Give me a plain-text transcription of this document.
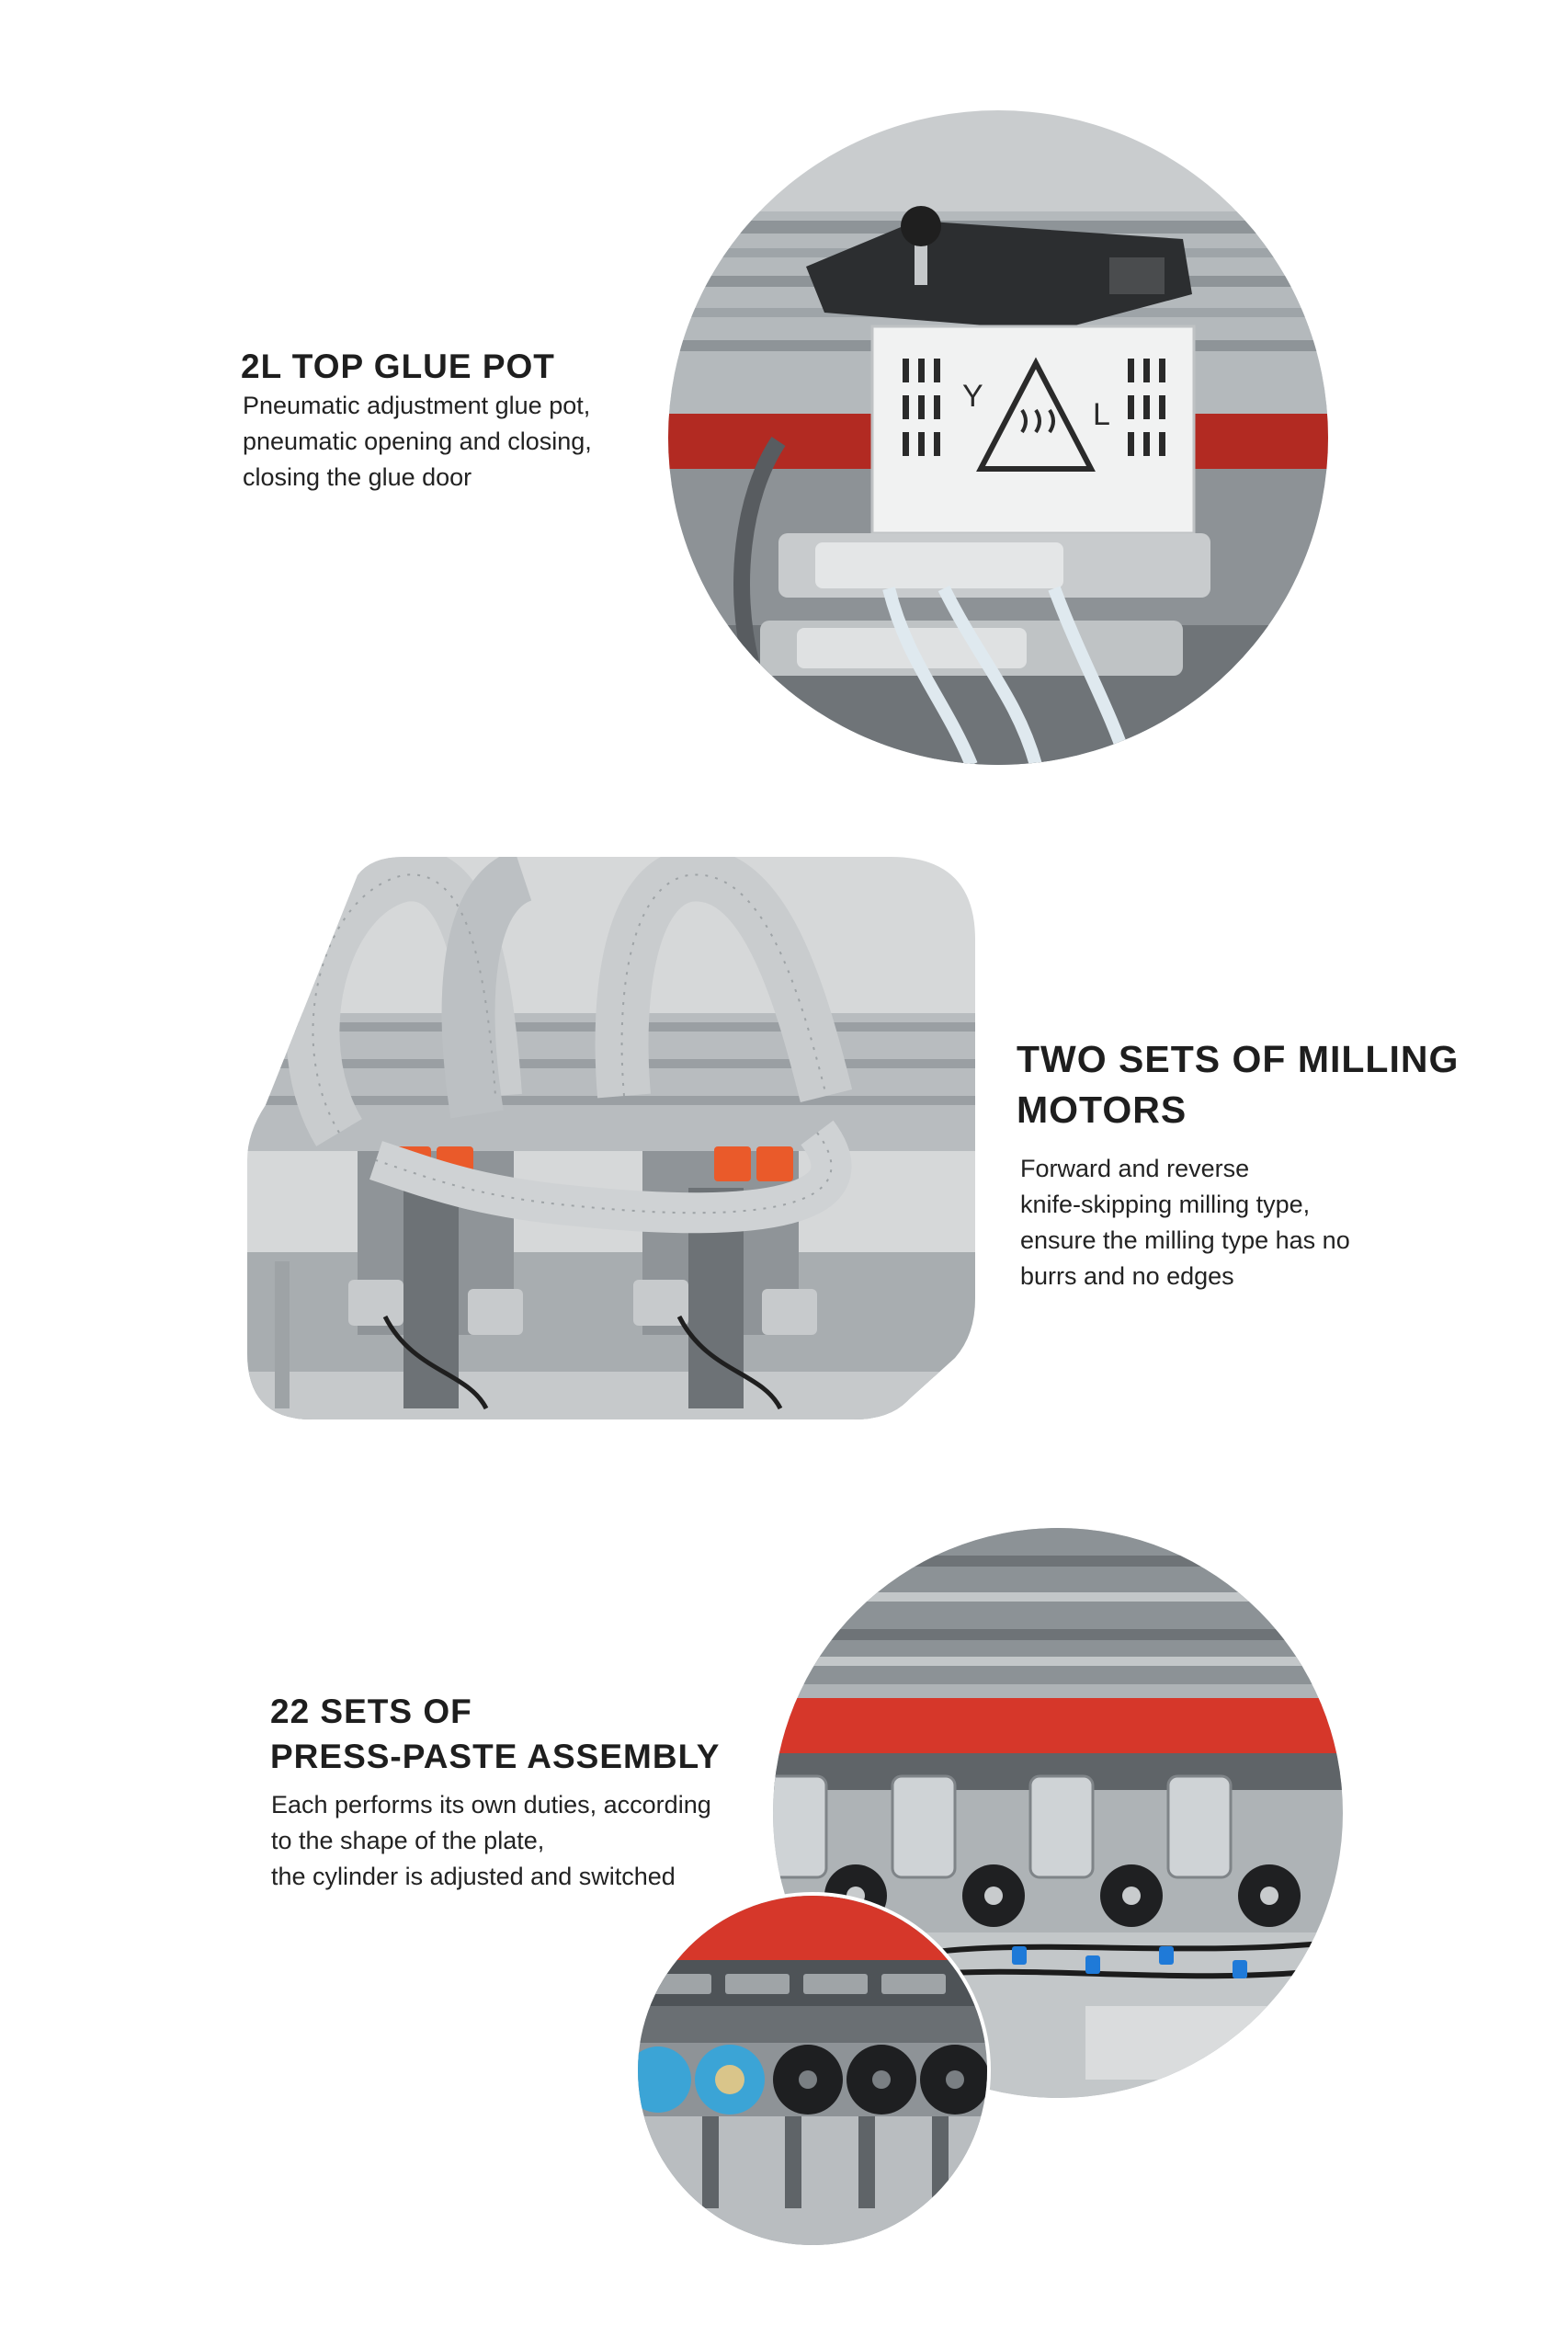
2L TOP GLUE POT
Pneumatic adjustment glue pot,
pneumatic opening and closing,
closing the glue door
Y
L
TWO SETS OF MILLING
MOTORS
Forward and reverse
knife-skipping milling type,
ensure the milling type has no
burrs and no edges
22 SETS OF
PRESS-PASTE ASSEMBLY
Each performs its own duties, according
to the shape of the plate,
the cylinder is adjusted and switched
